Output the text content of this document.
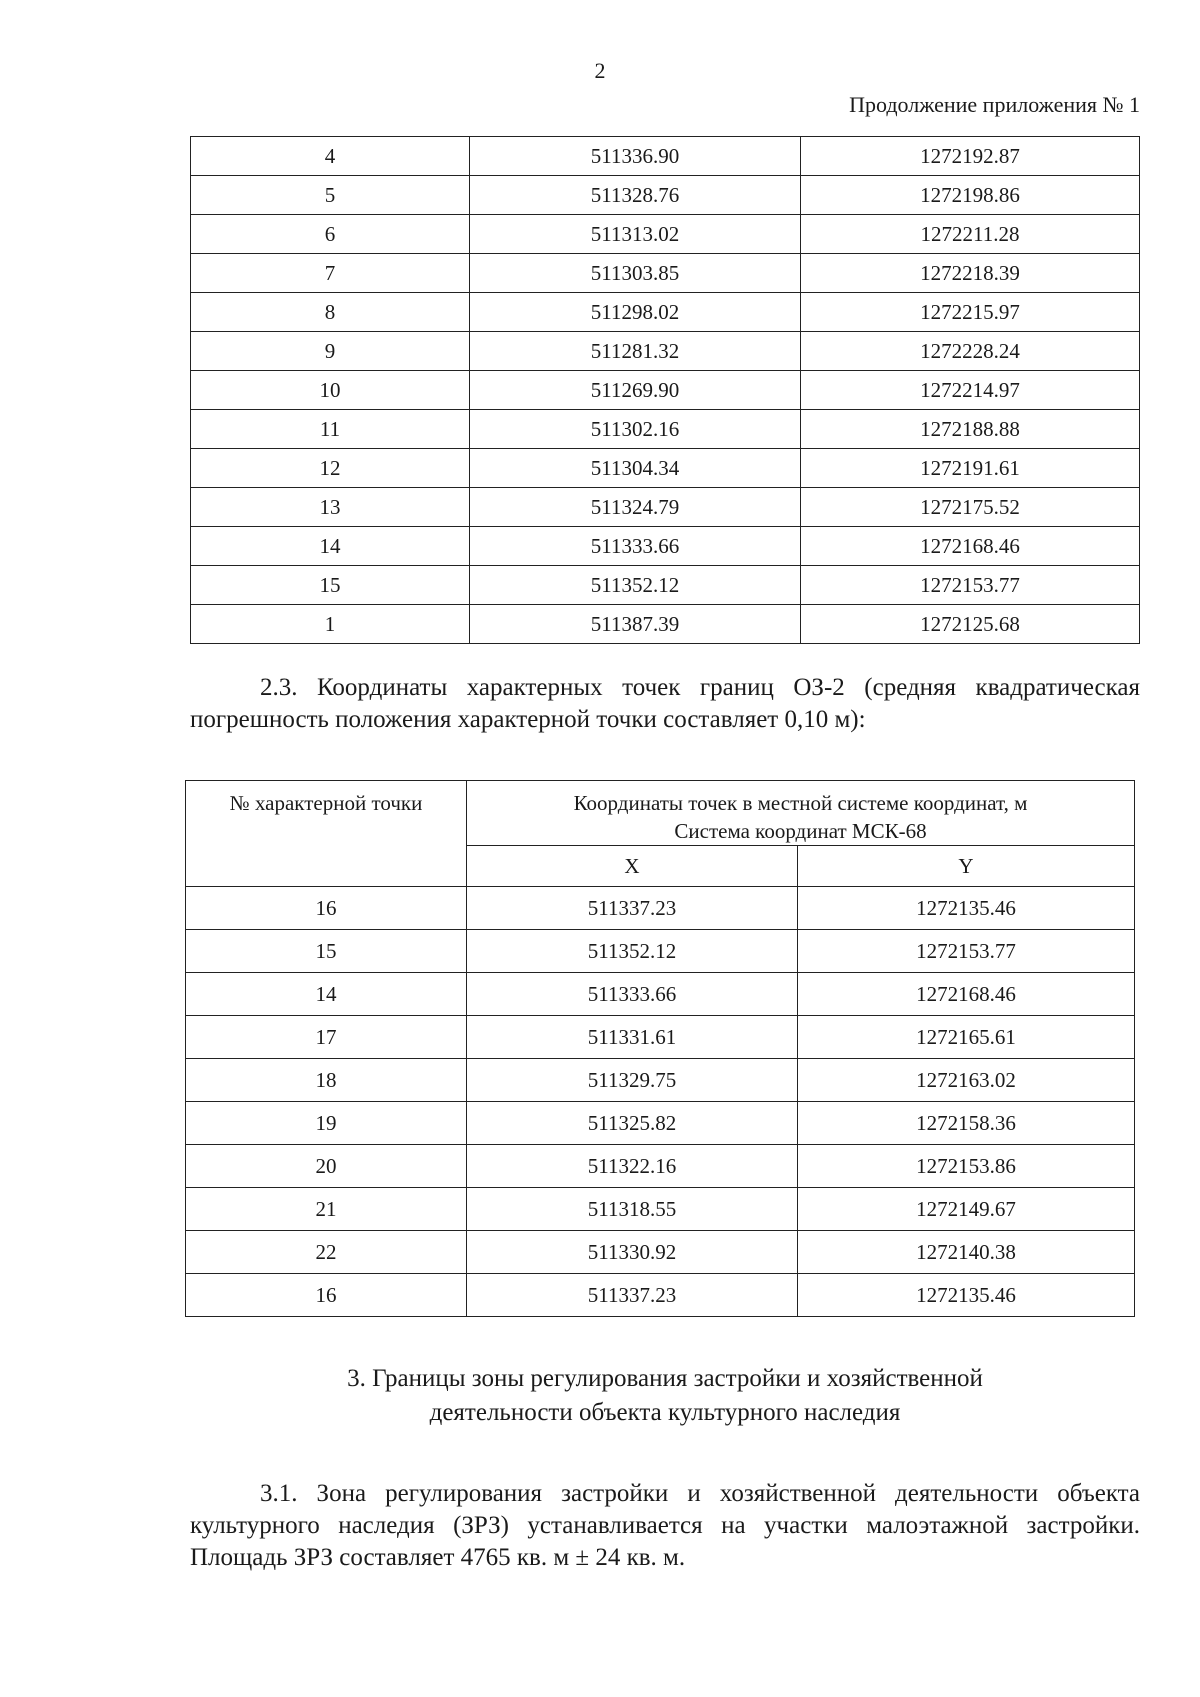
2
Продолжение приложения № 1
4	511336.90	1272192.87
5	511328.76	1272198.86
6	511313.02	1272211.28
7	511303.85	1272218.39
8	511298.02	1272215.97
9	511281.32	1272228.24
10	511269.90	1272214.97
11	511302.16	1272188.88
12	511304.34	1272191.61
13	511324.79	1272175.52
14	511333.66	1272168.46
15	511352.12	1272153.77
1	511387.39	1272125.68
2.3. Координаты характерных точек границ ОЗ-2 (средняя квадратическая погрешность положения характерной точки составляет 0,10 м):
№ характерной точки	Координаты точек в местной системе координат, м
Система координат МСК-68	

	X	Y
16	511337.23	1272135.46
15	511352.12	1272153.77
14	511333.66	1272168.46
17	511331.61	1272165.61
18	511329.75	1272163.02
19	511325.82	1272158.36
20	511322.16	1272153.86
21	511318.55	1272149.67
22	511330.92	1272140.38
16	511337.23	1272135.46
3. Границы зоны регулирования застройки и хозяйственной
деятельности объекта культурного наследия
3.1. Зона регулирования застройки и хозяйственной деятельности объекта культурного наследия (ЗРЗ) устанавливается на участки малоэтажной застройки. Площадь ЗРЗ составляет 4765 кв. м ± 24 кв. м.
